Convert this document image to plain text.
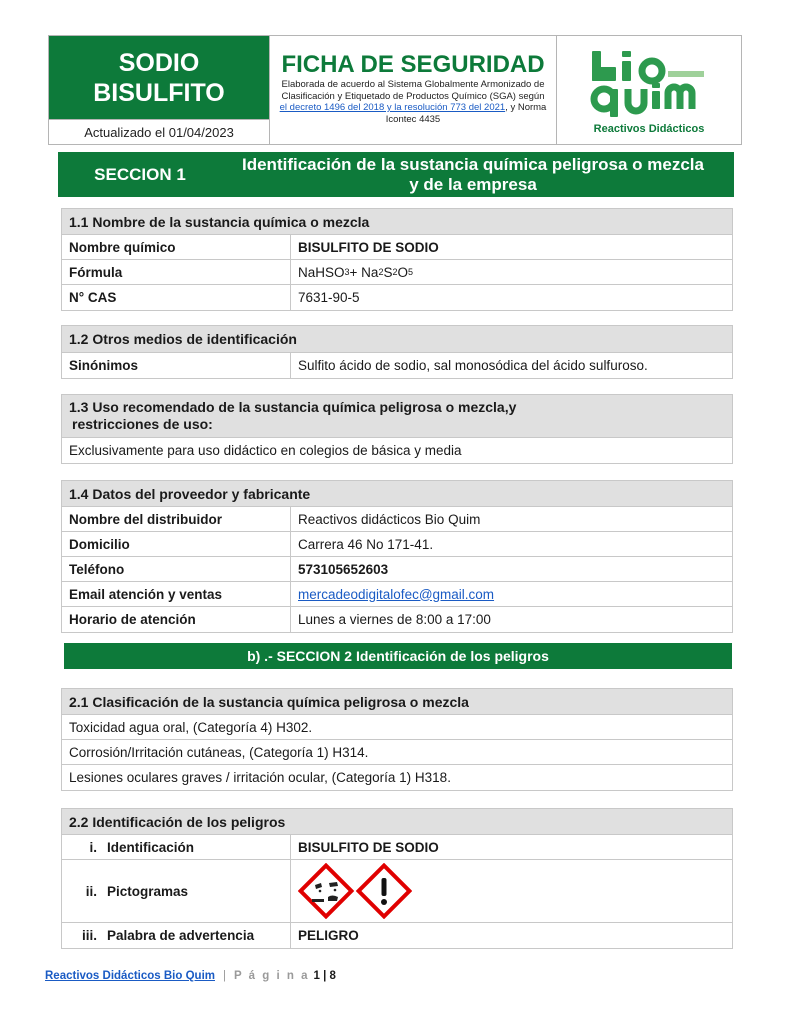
SODIO
BISULFITO
Actualizado el 01/04/2023
FICHA DE SEGURIDAD
Elaborada de acuerdo al Sistema Globalmente Armonizado de Clasificación y Etiquetado de Productos Químico (SGA) según el decreto 1496 del 2018 y la resolución 773 del 2021, y Norma Icontec 4435
Reactivos Didácticos
SECCION 1
Identificación de la sustancia química peligrosa o mezcla
y de la empresa
1.1 Nombre de la sustancia química o mezcla
Nombre químico	BISULFITO DE SODIO
Fórmula	NaHSO 3 + Na 2 S 2 O 5
N° CAS	7631-90-5
1.2 Otros medios de identificación
Sinónimos	Sulfito ácido de sodio, sal monosódica del ácido sulfuroso.
1.3 Uso recomendado de la sustancia química peligrosa o mezcla,y
restricciones de uso:
Exclusivamente para uso didáctico en colegios de básica y media
1.4 Datos del proveedor y fabricante
Nombre del distribuidor	Reactivos didácticos Bio Quim
Domicilio	Carrera 46 No 171-41.
Teléfono	573105652603
Email atención y ventas	mercadeodigitalofec@gmail.com
Horario de atención	Lunes a viernes de 8:00 a 17:00
b) .- SECCION 2 Identificación de los peligros
2.1 Clasificación de la sustancia química peligrosa o mezcla
Toxicidad agua oral, (Categoría 4) H302.
Corrosión/Irritación cutáneas, (Categoría 1) H314.
Lesiones oculares graves / irritación ocular, (Categoría 1) H318.
2.2 Identificación de los peligros
i. Identificación	BISULFITO DE SODIO
ii. Pictogramas
iii. Palabra de advertencia	PELIGRO
Reactivos Didácticos Bio Quim | P á g i n a 1 | 8
